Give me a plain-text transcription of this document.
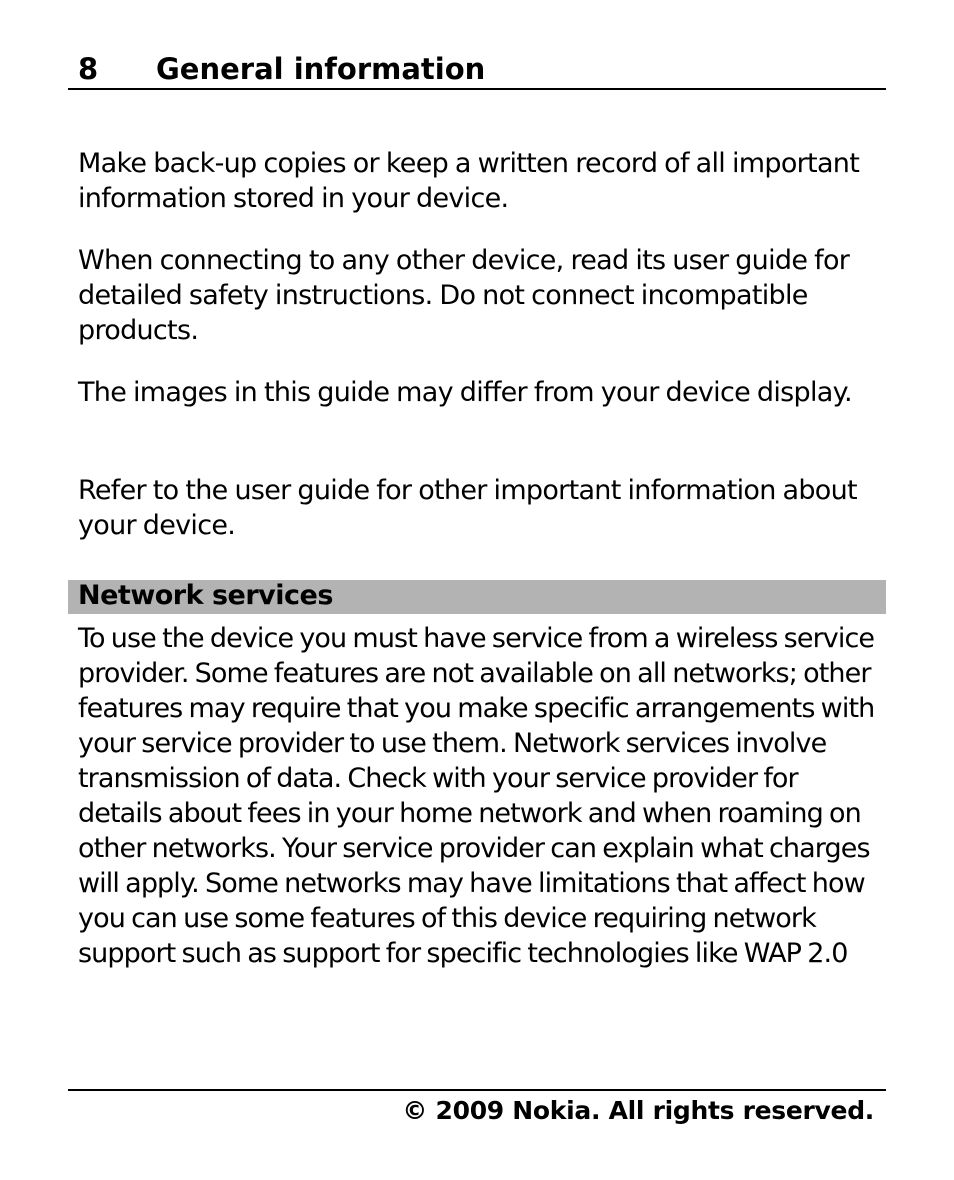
8 General information

Make back-up copies or keep a written record of all important information stored in your device.

When connecting to any other device, read its user guide for detailed safety instructions. Do not connect incompatible products.

The images in this guide may differ from your device display.

Refer to the user guide for other important information about your device.

Network services

To use the device you must have service from a wireless service provider. Some features are not available on all networks; other features may require that you make specific arrangements with your service provider to use them. Network services involve transmission of data. Check with your service provider for details about fees in your home network and when roaming on other networks. Your service provider can explain what charges will apply. Some networks may have limitations that affect how you can use some features of this device requiring network support such as support for specific technologies like WAP 2.0

© 2009 Nokia. All rights reserved.
